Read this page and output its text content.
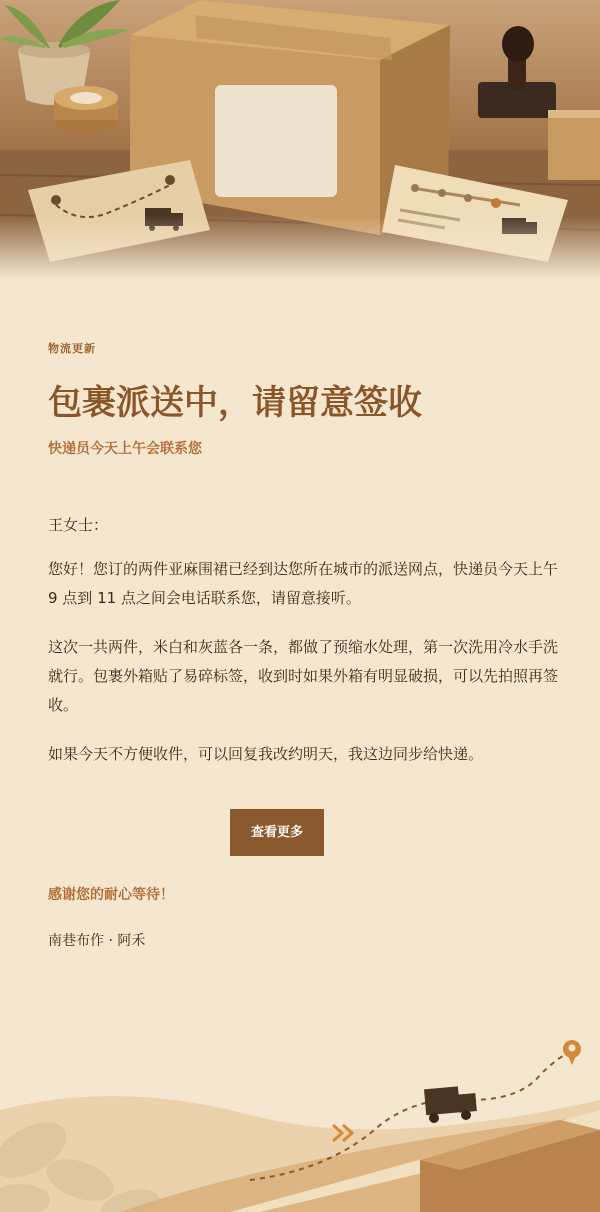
物流更新
包裹派送中，请留意签收
快递员今天上午会联系您
王女士：
您好！您订的两件亚麻围裙已经到达您所在城市的派送网点，快递员今天上午 9 点到 11 点之间会电话联系您，请留意接听。
这次一共两件，米白和灰蓝各一条，都做了预缩水处理，第一次洗用冷水手洗就行。包裹外箱贴了易碎标签，收到时如果外箱有明显破损，可以先拍照再签收。
如果今天不方便收件，可以回复我改约明天，我这边同步给快递。
查看更多
感谢您的耐心等待！
南巷布作 · 阿禾
